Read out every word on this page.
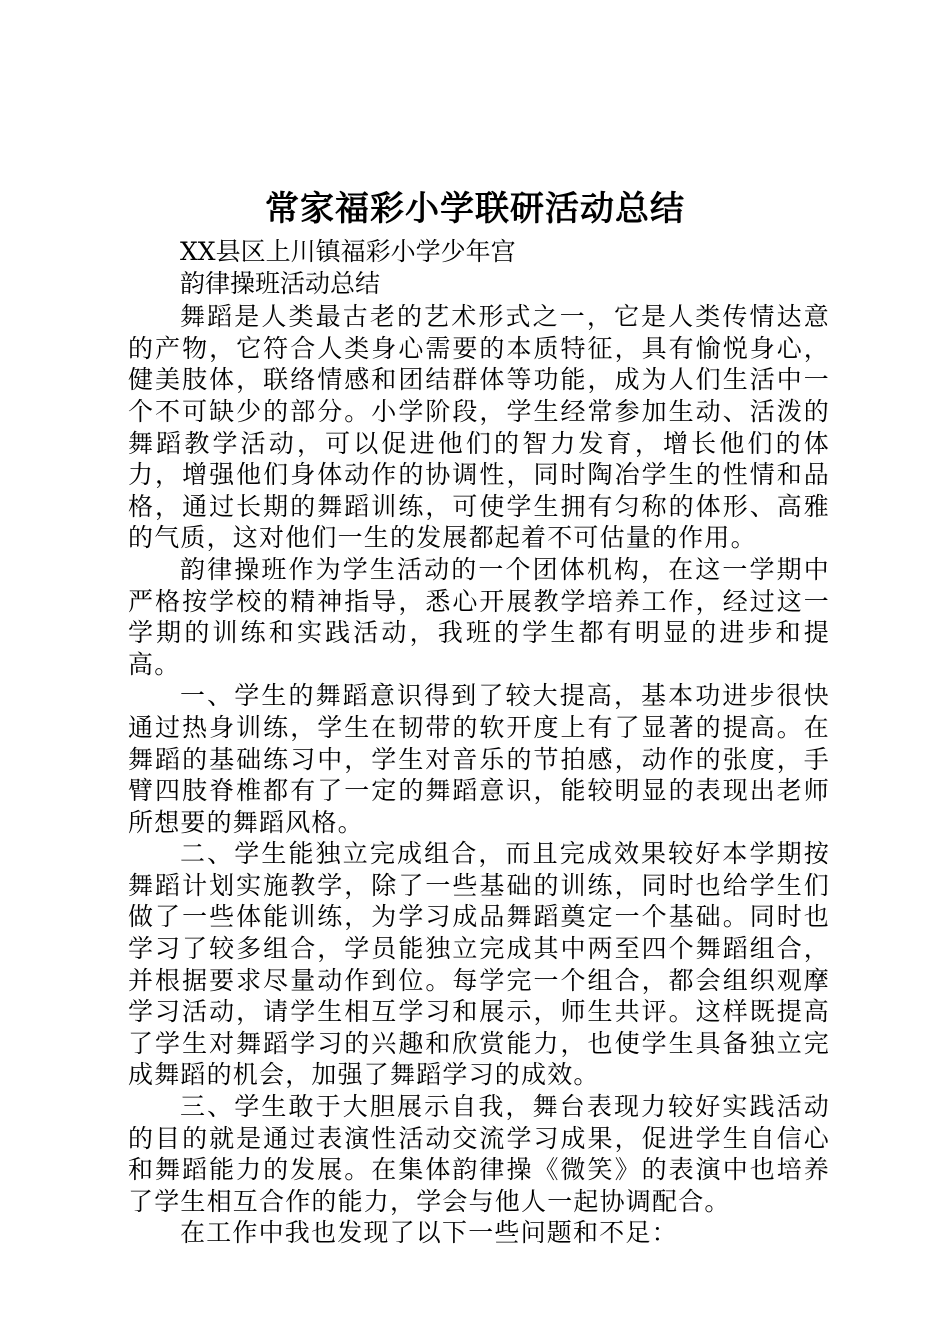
常家福彩小学联研活动总结

XX县区上川镇福彩小学少年宫

韵律操班活动总结

舞蹈是人类最古老的艺术形式之一，它是人类传情达意的产物，它符合人类身心需要的本质特征，具有愉悦身心，健美肢体，联络情感和团结群体等功能，成为人们生活中一个不可缺少的部分。小学阶段，学生经常参加生动、活泼的舞蹈教学活动，可以促进他们的智力发育，增长他们的体力，增强他们身体动作的协调性，同时陶冶学生的性情和品格，通过长期的舞蹈训练，可使学生拥有匀称的体形、高雅的气质，这对他们一生的发展都起着不可估量的作用。

韵律操班作为学生活动的一个团体机构，在这一学期中严格按学校的精神指导，悉心开展教学培养工作，经过这一学期的训练和实践活动，我班的学生都有明显的进步和提高。

一、学生的舞蹈意识得到了较大提高，基本功进步很快通过热身训练，学生在韧带的软开度上有了显著的提高。在舞蹈的基础练习中，学生对音乐的节拍感，动作的张度，手臂四肢脊椎都有了一定的舞蹈意识，能较明显的表现出老师所想要的舞蹈风格。

二、学生能独立完成组合，而且完成效果较好本学期按舞蹈计划实施教学，除了一些基础的训练，同时也给学生们做了一些体能训练，为学习成品舞蹈奠定一个基础。同时也学习了较多组合，学员能独立完成其中两至四个舞蹈组合，并根据要求尽量动作到位。每学完一个组合，都会组织观摩学习活动，请学生相互学习和展示，师生共评。这样既提高了学生对舞蹈学习的兴趣和欣赏能力，也使学生具备独立完成舞蹈的机会，加强了舞蹈学习的成效。

三、学生敢于大胆展示自我，舞台表现力较好实践活动的目的就是通过表演性活动交流学习成果，促进学生自信心和舞蹈能力的发展。在集体韵律操《微笑》的表演中也培养了学生相互合作的能力，学会与他人一起协调配合。

在工作中我也发现了以下一些问题和不足：
